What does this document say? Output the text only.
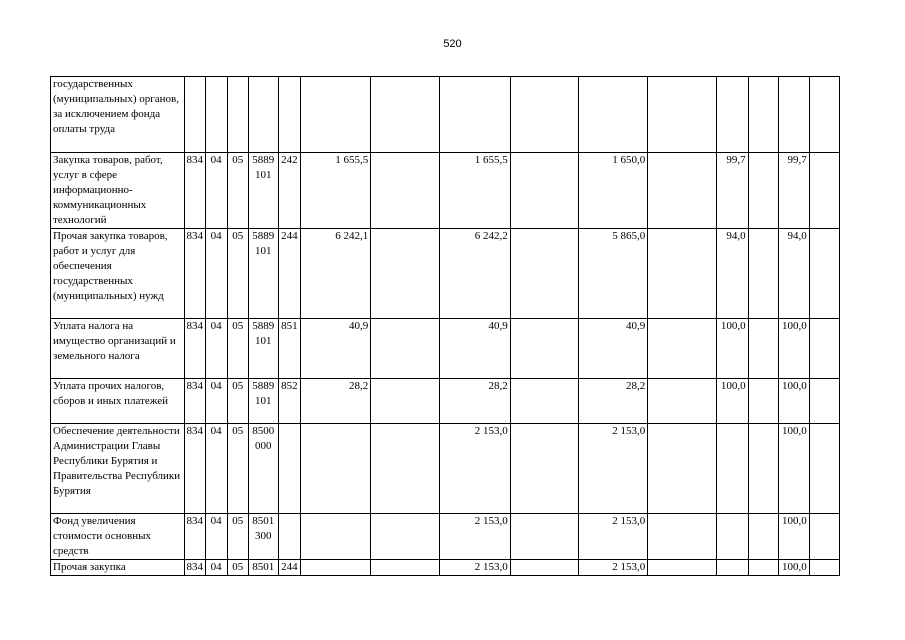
520
государственных (муниципальных) органов, за исключением фонда оплаты труда															
Закупка товаров, работ, услуг в сфере информационно-коммуникационных технологий	834	04	05	5889 101	242	1 655,5		1 655,5		1 650,0		99,7		99,7	
Прочая закупка товаров, работ и услуг для обеспечения государственных (муниципальных) нужд	834	04	05	5889 101	244	6 242,1		6 242,2		5 865,0		94,0		94,0	
Уплата налога на имущество организаций и земельного налога	834	04	05	5889 101	851	40,9		40,9		40,9		100,0		100,0	
Уплата прочих налогов, сборов и иных платежей	834	04	05	5889 101	852	28,2		28,2		28,2		100,0		100,0	
Обеспечение деятельности Администрации Главы Республики Бурятия и Правительства Республики Бурятия	834	04	05	8500 000				2 153,0		2 153,0				100,0	
Фонд увеличения стоимости основных средств	834	04	05	8501 300				2 153,0		2 153,0				100,0	
Прочая закупка	834	04	05	8501	244			2 153,0		2 153,0				100,0	
